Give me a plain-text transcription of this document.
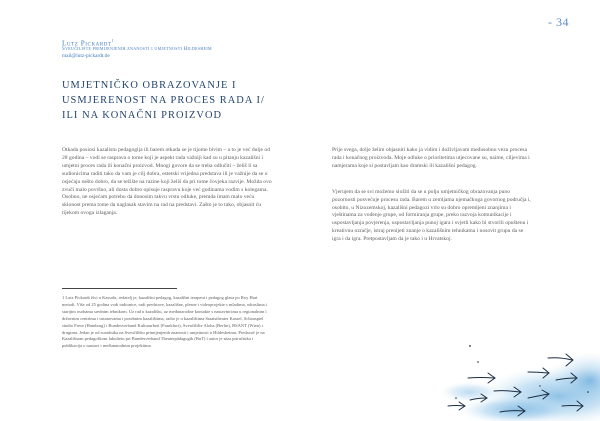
- 34
Lutz Pickardt$^1$
Sveučilište primijenjenih znanosti i umjetnosti Hildesheim
mail@lutz-pickardt.de
UMJETNIČKO OBRAZOVANJE I USMJERENOST NA PROCES RADA I/ ILI NA KONAČNI PROIZVOD

Otkada posiosi kazalistu pedagogija ili barem otkada se je tijome bivim – a to je već dulje od 28 godina – vodi se rasprava o tome koji je aspekt rada važniji kad su u pitanju kazališni i umjetni proces rada ili konačni proizvod. Mnogi govore da se treba odlučiti – želiš li sa sudionicima raditi tako da vam je cilj dobra, estetski vrijedna predstava ili je važnije da se u osjećaju nešto dobro, da se težište na razine koji želiš da pri tome čovjeka razvije. Možda ovo zvuči malo površno, ali dosta dobro opisuje raspravu koje već godinama vodim s kolegama. Osobno, ne osjećam potrebu da donosim takvu vrstu odluke, premda imam malo veću sklonost prema tome da naglasak stavim na rad na predstavi. Zašto je to tako, objasnit ću tijekom ovoga izlaganja.

Prije svega, dolje želim objasniti kako ja vidim i doživljavam međusobnu vezu procesa rada i konačnog proizvoda. Moje odluke o prioritetima utjecovane su, naime, ciljevima i namjerama koje si postavljam kao dramski ili kazališni pedagog.

Vjerujem da se svi možemo složiti da se u polju umjetničkog obrazovanja puno pozornosti posvećuje procesu rada. Barem u zemljama njemačkoga govornog područja i, osobito, u Nizozemskoj, kazališni pedagozi vrlo su dobro opremljeni znanjima i vještinama za vođenje grupe, od formiranja grupe, preko razvoja komunikacije i uspostavljanja povjerenja, uspostavljanja punoj igara i svjetli kako bi stvorili opuštenu i kreativnu ozračje, istraj prenijeti znanje o kazališnim tehnikama i nosovit grupu da se igra i da igra. Pretpostavljam da je tako i u Hrvatskoj.

1 Lutz Pickardt živi u Kassalu, redatelj je, kazališni pedagog, kazališni terapeut i pedagog glasa po Roy Hart metodi. Više od 25 godina vodi radionice, radi predstave, kazališne, plesne i videoprojekte s mladima, odraslima i starijim osobama srednim tehnikom. Uz rad u kazalištu, uz međunarodne kontakte s nastavnicima u regionalnim i državnim centrima i ustanovama i posebnim kazalištima, radio je u kazalištima Staatstheater Kassel, Schauspiel studio Frese (Hamburg) i Bundesverband Kulturarbeit (Frankfurt), Sveučilište Aloha (Berlin), BSANT (Wien) i drugima. Jedan je od suradnika na Sveučilištu primijenjenih znanosti i umjetnosti u Hildesheimu. Predavač je na Kazališnom pedagoškom fakultetu pri Bundesverband Theaterpädagogik (BuT) i autor je niza priručnika i publikacija o nastavi i međunarodnim projektima.
